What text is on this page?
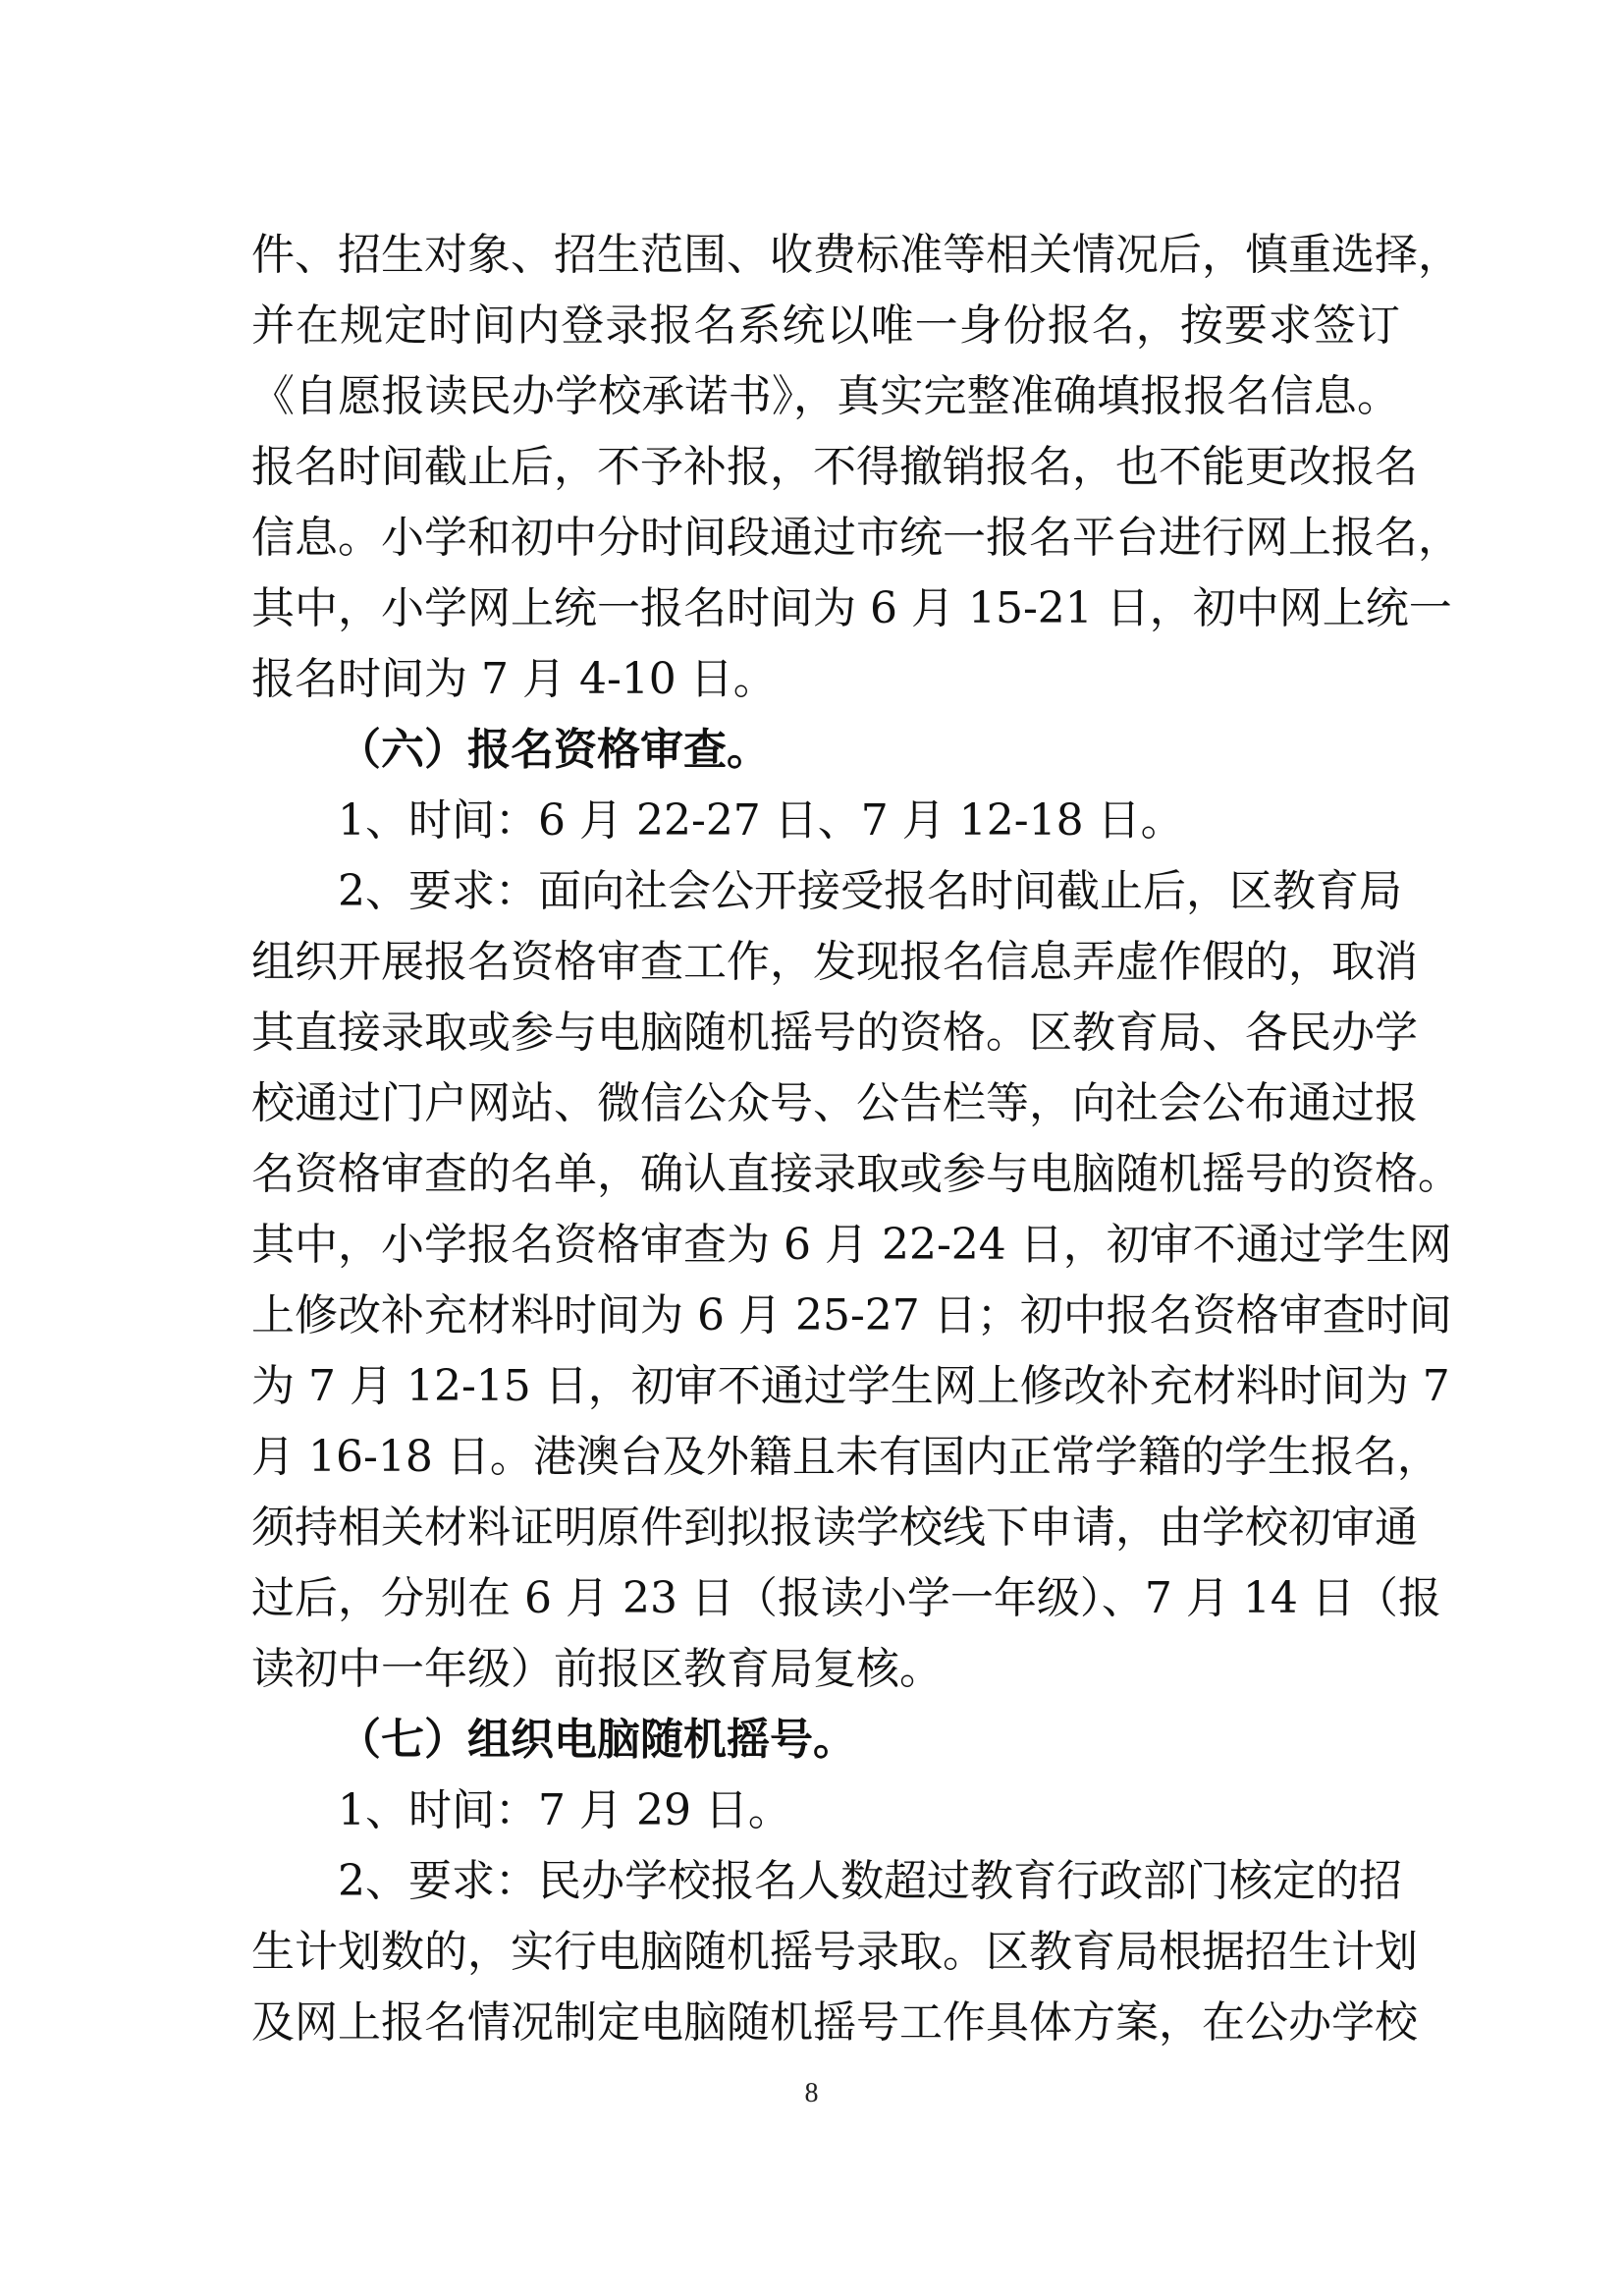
件、招生对象、招生范围、收费标准等相关情况后，慎重选择，
并在规定时间内登录报名系统以唯一身份报名，按要求签订
《自愿报读民办学校承诺书》，真实完整准确填报报名信息。
报名时间截止后，不予补报，不得撤销报名，也不能更改报名
信息。小学和初中分时间段通过市统一报名平台进行网上报名，
其中，小学网上统一报名时间为 6 月 15-21 日，初中网上统一
报名时间为 7 月 4-10 日。
（六）报名资格审查。
1、时间：6 月 22-27 日、7 月 12-18 日。
2、要求：面向社会公开接受报名时间截止后，区教育局
组织开展报名资格审查工作，发现报名信息弄虚作假的，取消
其直接录取或参与电脑随机摇号的资格。区教育局、各民办学
校通过门户网站、微信公众号、公告栏等，向社会公布通过报
名资格审查的名单，确认直接录取或参与电脑随机摇号的资格。
其中，小学报名资格审查为 6 月 22-24 日，初审不通过学生网
上修改补充材料时间为 6 月 25-27 日；初中报名资格审查时间
为 7 月 12-15 日，初审不通过学生网上修改补充材料时间为 7
月 16-18 日。港澳台及外籍且未有国内正常学籍的学生报名，
须持相关材料证明原件到拟报读学校线下申请，由学校初审通
过后，分别在 6 月 23 日（报读小学一年级）、7 月 14 日（报
读初中一年级）前报区教育局复核。
（七）组织电脑随机摇号。
1、时间：7 月 29 日。
2、要求：民办学校报名人数超过教育行政部门核定的招
生计划数的，实行电脑随机摇号录取。区教育局根据招生计划
及网上报名情况制定电脑随机摇号工作具体方案，在公办学校
8
